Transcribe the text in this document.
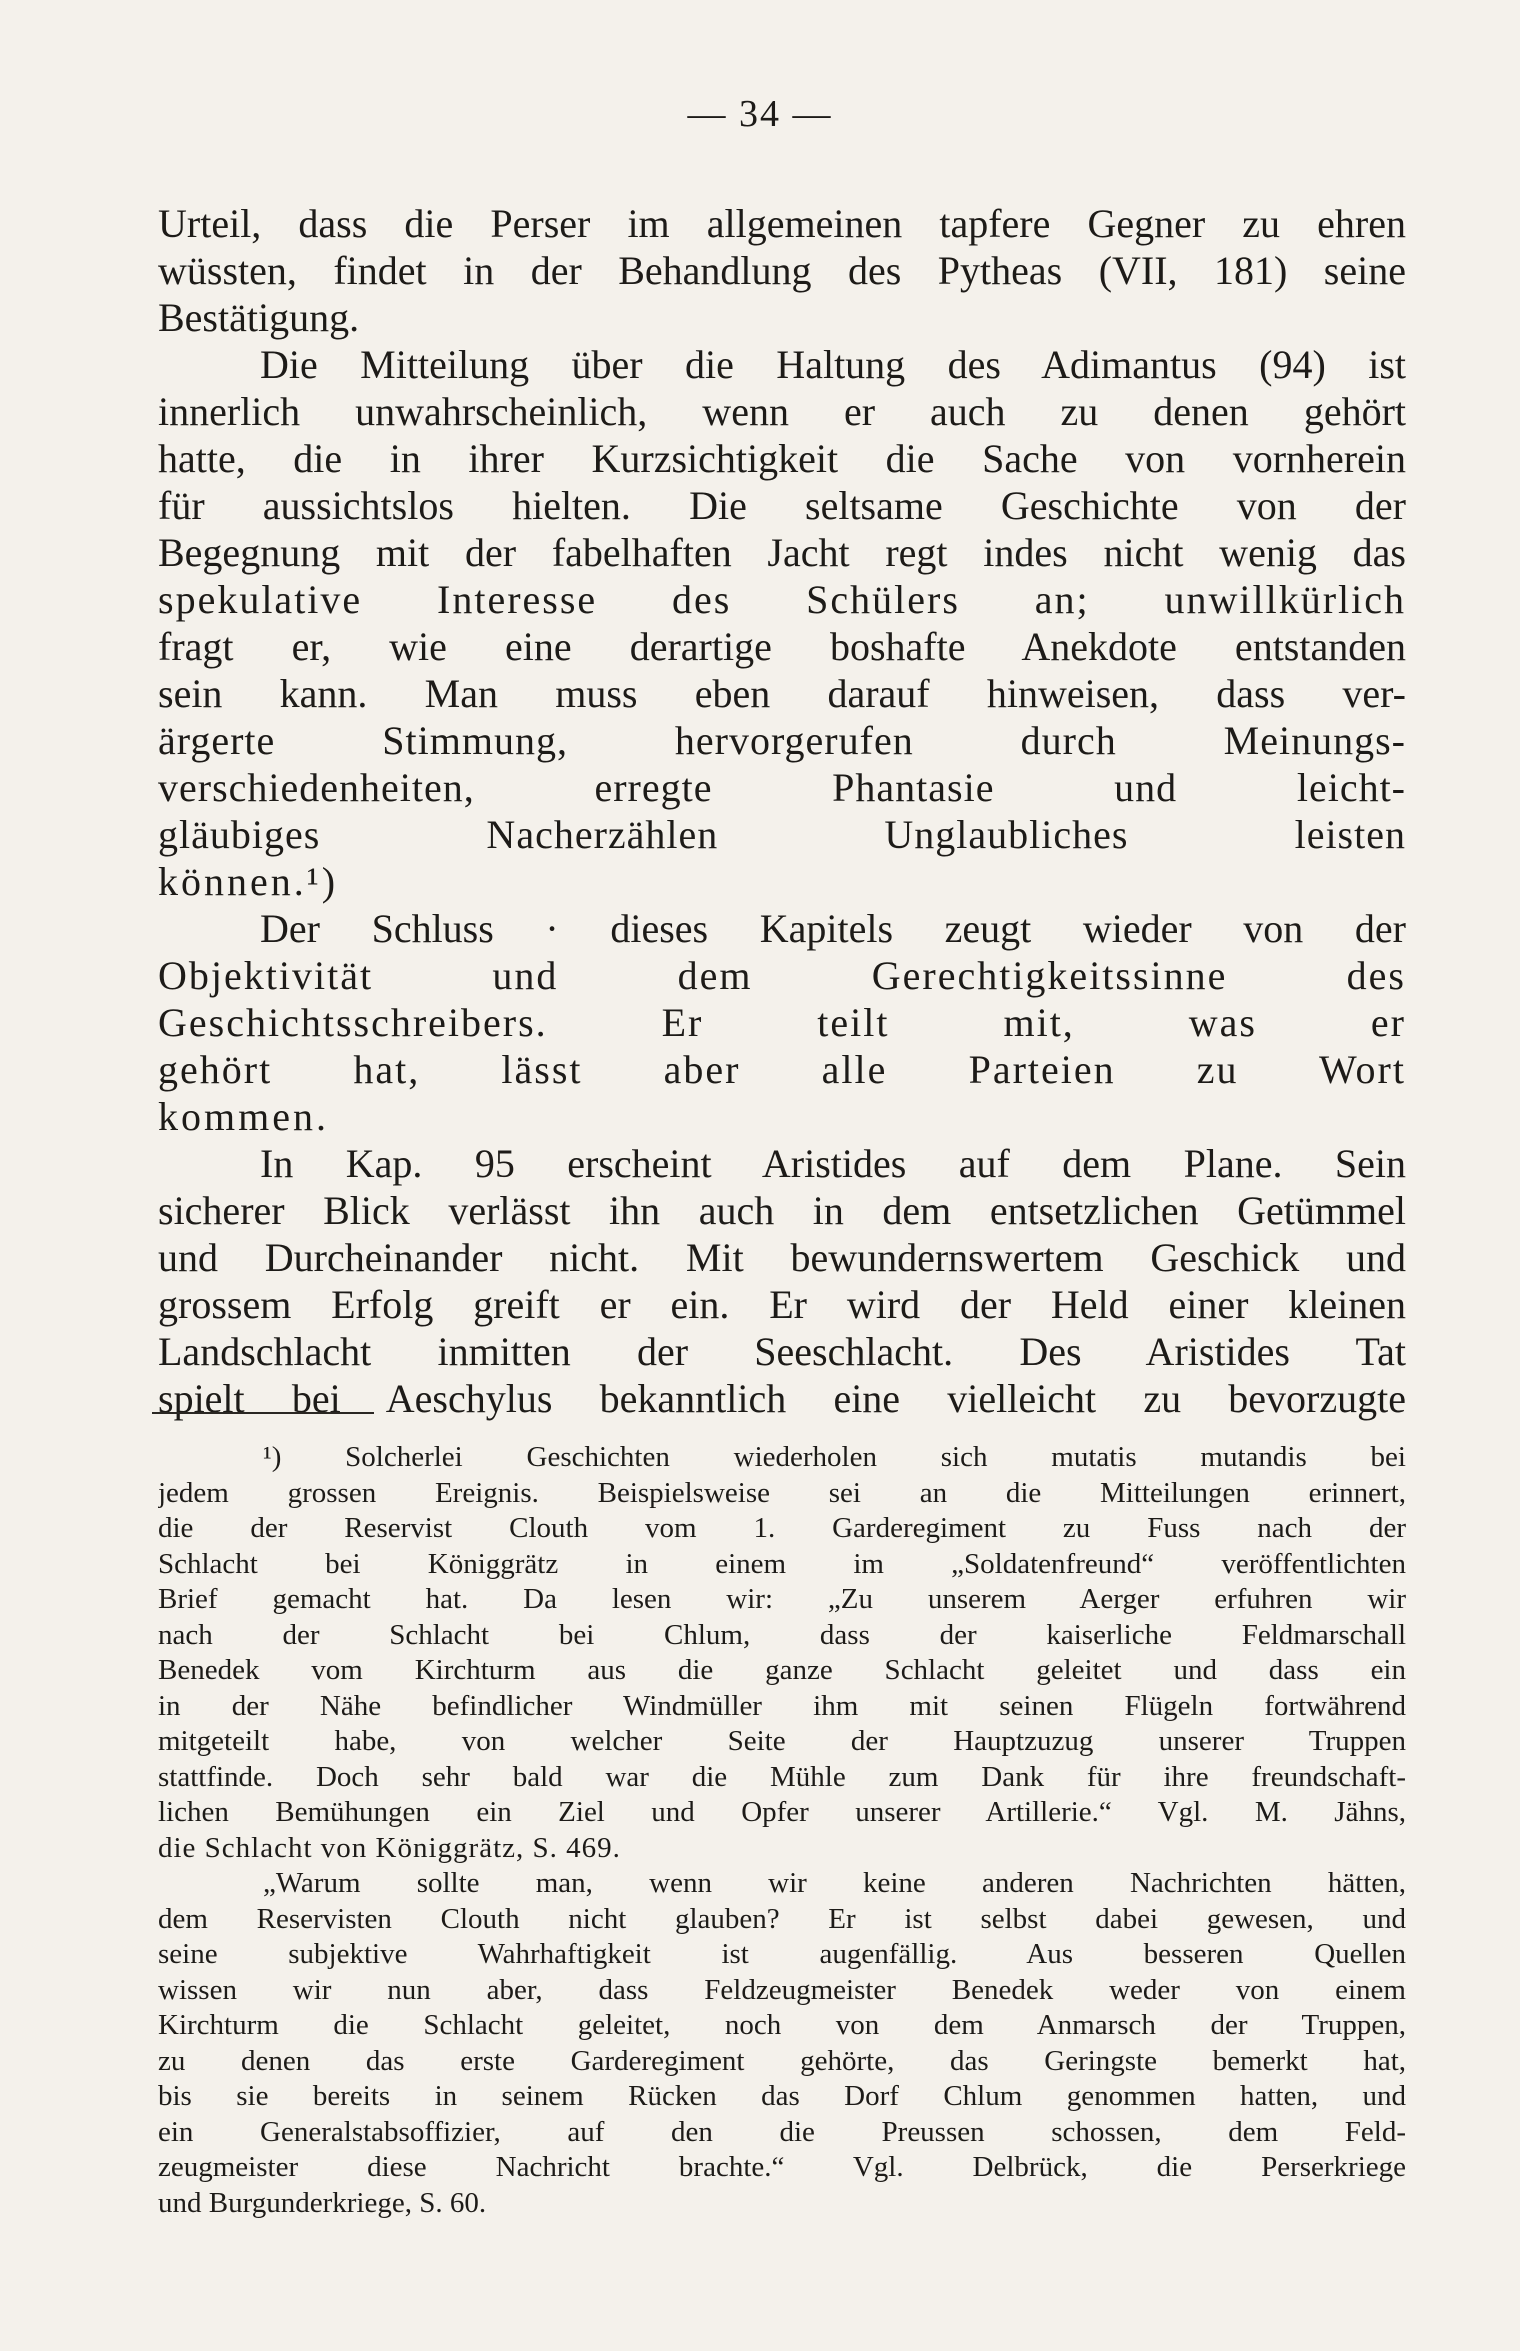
— 34 —
Urteil, dass die Perser im allgemeinen tapfere Gegner zu ehren
wüssten, findet in der Behandlung des Pytheas (VII, 181) seine
Bestätigung.
Die Mitteilung über die Haltung des Adimantus (94) ist
innerlich unwahrscheinlich, wenn er auch zu denen gehört
hatte, die in ihrer Kurzsichtigkeit die Sache von vornherein
für aussichtslos hielten. Die seltsame Geschichte von der
Begegnung mit der fabelhaften Jacht regt indes nicht wenig das
spekulative Interesse des Schülers an; unwillkürlich
fragt er, wie eine derartige boshafte Anekdote entstanden
sein kann. Man muss eben darauf hinweisen, dass ver-
ärgerte Stimmung, hervorgerufen durch Meinungs-
verschiedenheiten, erregte Phantasie und leicht-
gläubiges Nacherzählen Unglaubliches leisten
können.¹)
Der Schluss · dieses Kapitels zeugt wieder von der
Objektivität und dem Gerechtigkeitssinne des
Geschichtsschreibers. Er teilt mit, was er
gehört hat, lässt aber alle Parteien zu Wort
kommen.
In Kap. 95 erscheint Aristides auf dem Plane. Sein
sicherer Blick verlässt ihn auch in dem entsetzlichen Getümmel
und Durcheinander nicht. Mit bewundernswertem Geschick und
grossem Erfolg greift er ein. Er wird der Held einer kleinen
Landschlacht inmitten der Seeschlacht. Des Aristides Tat
spielt bei Aeschylus bekanntlich eine vielleicht zu bevorzugte
¹) Solcherlei Geschichten wiederholen sich mutatis mutandis bei
jedem grossen Ereignis. Beispielsweise sei an die Mitteilungen erinnert,
die der Reservist Clouth vom 1. Garderegiment zu Fuss nach der
Schlacht bei Königgrätz in einem im „Soldatenfreund“ veröffentlichten
Brief gemacht hat. Da lesen wir: „Zu unserem Aerger erfuhren wir
nach der Schlacht bei Chlum, dass der kaiserliche Feldmarschall
Benedek vom Kirchturm aus die ganze Schlacht geleitet und dass ein
in der Nähe befindlicher Windmüller ihm mit seinen Flügeln fortwährend
mitgeteilt habe, von welcher Seite der Hauptzuzug unserer Truppen
stattfinde. Doch sehr bald war die Mühle zum Dank für ihre freundschaft-
lichen Bemühungen ein Ziel und Opfer unserer Artillerie.“ Vgl. M. Jähns,
die Schlacht von Königgrätz, S. 469.
„Warum sollte man, wenn wir keine anderen Nachrichten hätten,
dem Reservisten Clouth nicht glauben? Er ist selbst dabei gewesen, und
seine subjektive Wahrhaftigkeit ist augenfällig. Aus besseren Quellen
wissen wir nun aber, dass Feldzeugmeister Benedek weder von einem
Kirchturm die Schlacht geleitet, noch von dem Anmarsch der Truppen,
zu denen das erste Garderegiment gehörte, das Geringste bemerkt hat,
bis sie bereits in seinem Rücken das Dorf Chlum genommen hatten, und
ein Generalstabsoffizier, auf den die Preussen schossen, dem Feld-
zeugmeister diese Nachricht brachte.“ Vgl. Delbrück, die Perserkriege
und Burgunderkriege, S. 60.
